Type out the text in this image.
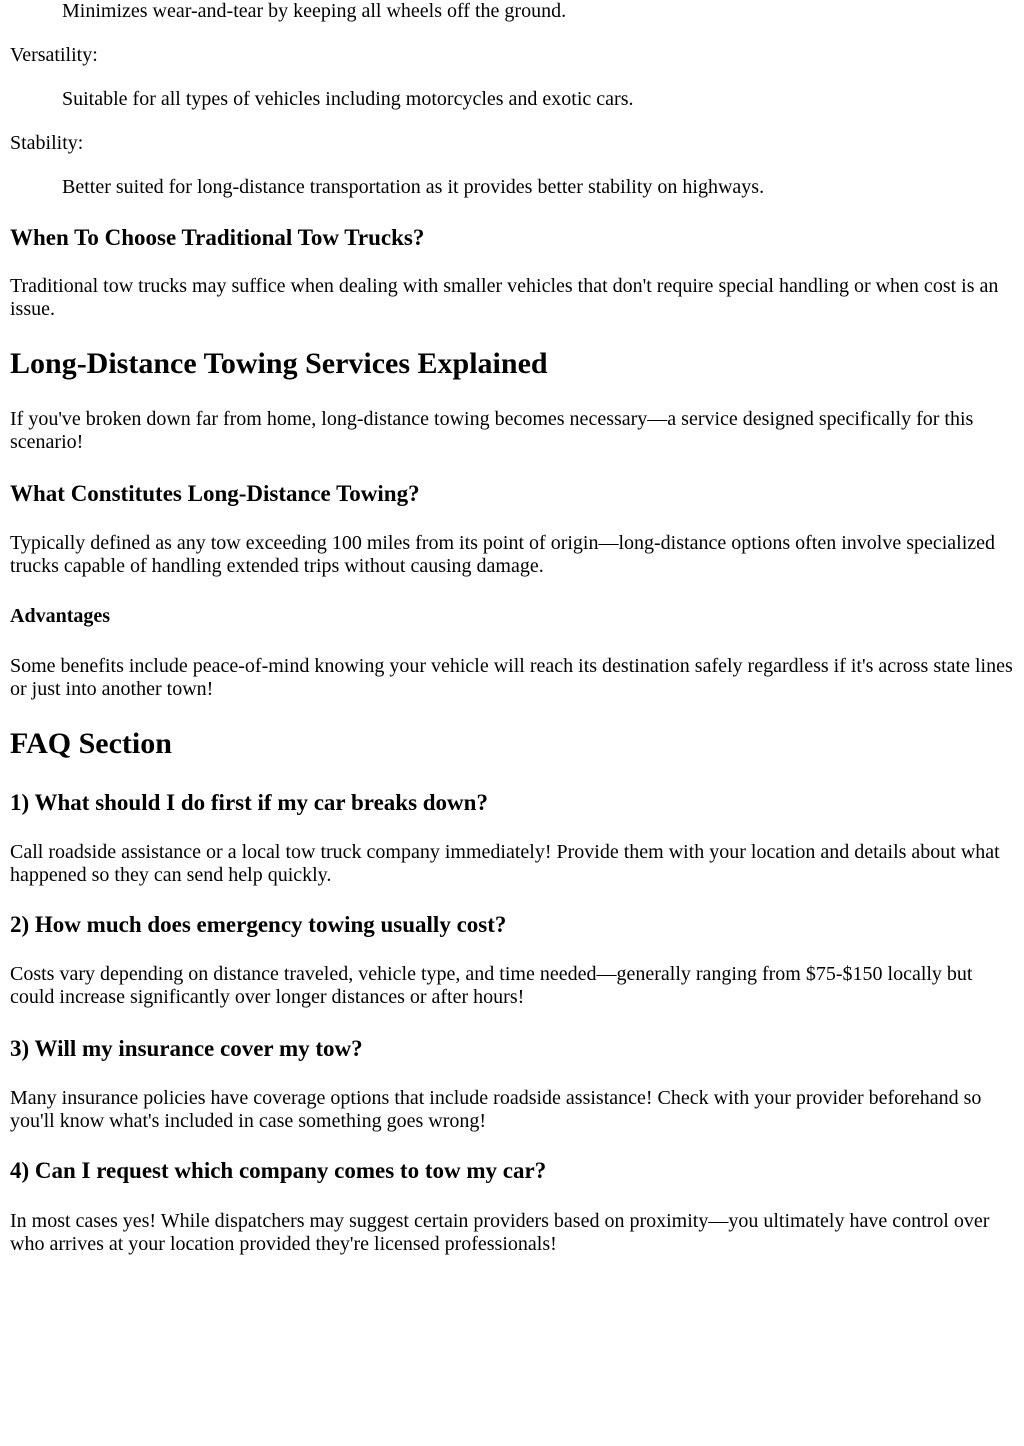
Minimizes wear-and-tear by keeping all wheels off the ground.

Versatility:

Suitable for all types of vehicles including motorcycles and exotic cars.

Stability:

Better suited for long-distance transportation as it provides better stability on highways.

When To Choose Traditional Tow Trucks?

Traditional tow trucks may suffice when dealing with smaller vehicles that don't require special handling or when cost is an issue.

Long-Distance Towing Services Explained

If you've broken down far from home, long-distance towing becomes necessary—a service designed specifically for this scenario!

What Constitutes Long-Distance Towing?

Typically defined as any tow exceeding 100 miles from its point of origin—long-distance options often involve specialized trucks capable of handling extended trips without causing damage.

Advantages

Some benefits include peace-of-mind knowing your vehicle will reach its destination safely regardless if it's across state lines or just into another town!

FAQ Section
1) What should I do first if my car breaks down?

Call roadside assistance or a local tow truck company immediately! Provide them with your location and details about what happened so they can send help quickly.

2) How much does emergency towing usually cost?

Costs vary depending on distance traveled, vehicle type, and time needed—generally ranging from $75-$150 locally but could increase significantly over longer distances or after hours!

3) Will my insurance cover my tow?

Many insurance policies have coverage options that include roadside assistance! Check with your provider beforehand so you'll know what's included in case something goes wrong!

4) Can I request which company comes to tow my car?

In most cases yes! While dispatchers may suggest certain providers based on proximity—you ultimately have control over who arrives at your location provided they're licensed professionals!
